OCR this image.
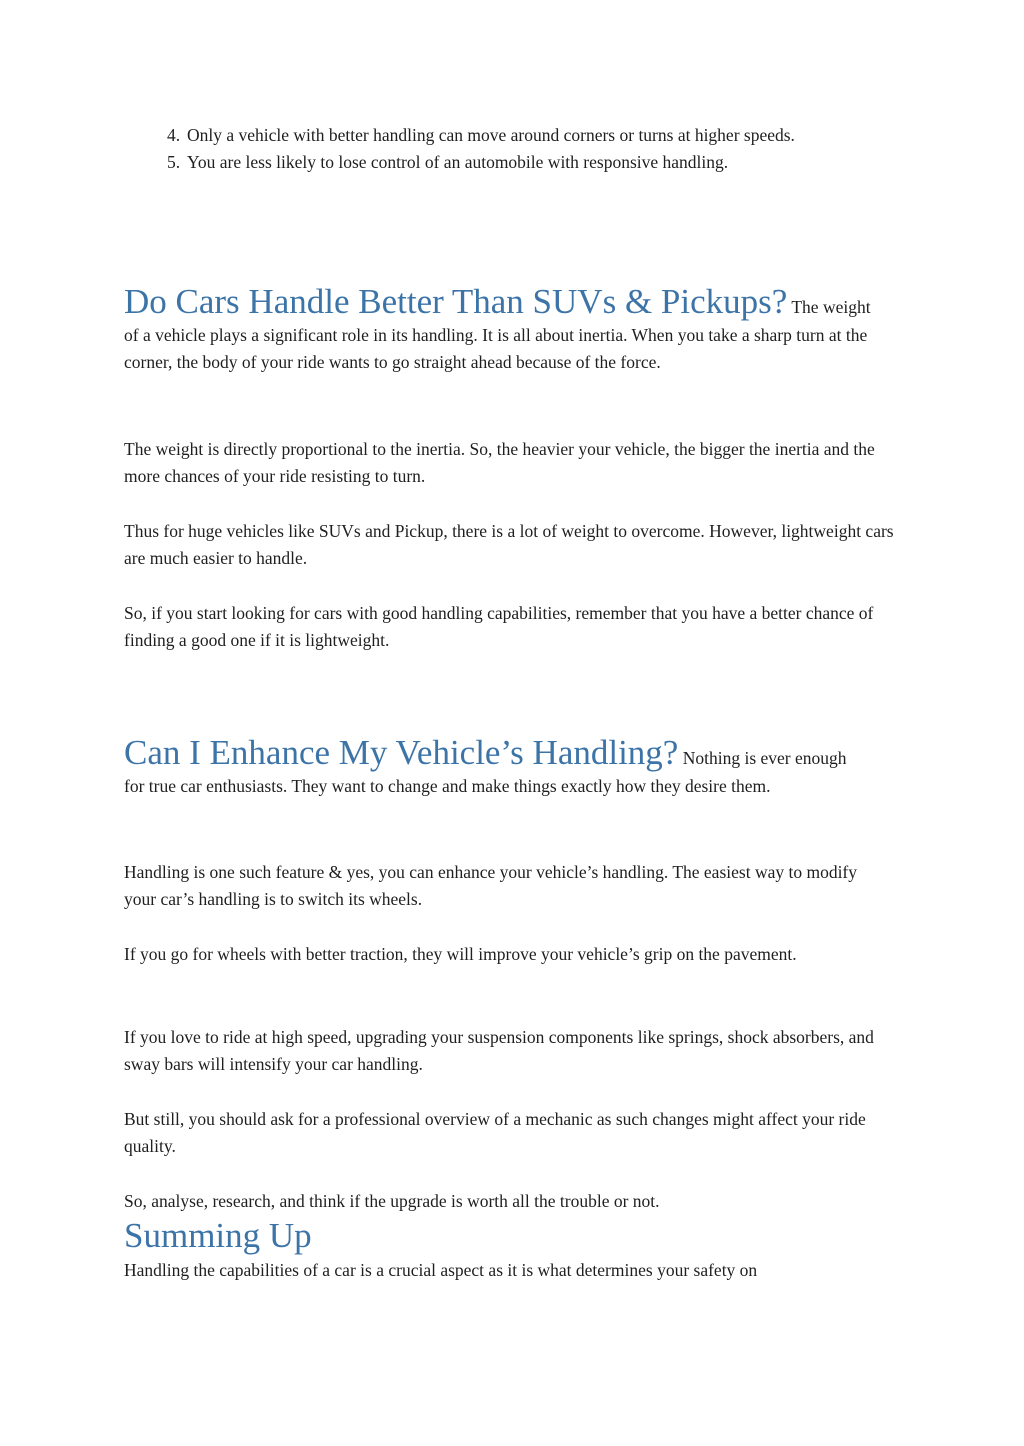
4. Only a vehicle with better handling can move around corners or turns at higher speeds.
5. You are less likely to lose control of an automobile with responsive handling.

Do Cars Handle Better Than SUVs & Pickups? The weight of a vehicle plays a significant role in its handling. It is all about inertia. When you take a sharp turn at the corner, the body of your ride wants to go straight ahead because of the force.

The weight is directly proportional to the inertia. So, the heavier your vehicle, the bigger the inertia and the more chances of your ride resisting to turn.

Thus for huge vehicles like SUVs and Pickup, there is a lot of weight to overcome. However, lightweight cars are much easier to handle.

So, if you start looking for cars with good handling capabilities, remember that you have a better chance of finding a good one if it is lightweight.

Can I Enhance My Vehicle’s Handling? Nothing is ever enough for true car enthusiasts. They want to change and make things exactly how they desire them.

Handling is one such feature & yes, you can enhance your vehicle’s handling. The easiest way to modify your car’s handling is to switch its wheels.

If you go for wheels with better traction, they will improve your vehicle’s grip on the pavement.

If you love to ride at high speed, upgrading your suspension components like springs, shock absorbers, and sway bars will intensify your car handling.

But still, you should ask for a professional overview of a mechanic as such changes might affect your ride quality.

So, analyse, research, and think if the upgrade is worth all the trouble or not.

Summing Up

Handling the capabilities of a car is a crucial aspect as it is what determines your safety on
